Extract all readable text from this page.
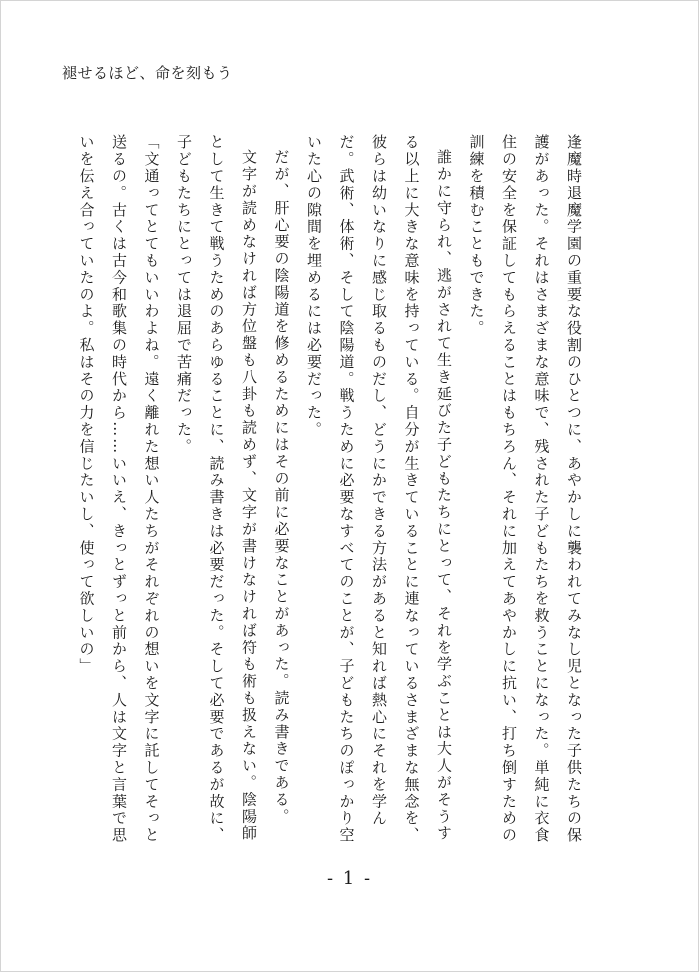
褪せるほど、命を刻もう

逢魔時退魔学園の重要な役割のひとつに、あやかしに襲われてみなし児となった子供たちの保護があった。それはさまざまな意味で、残された子どもたちを救うことになった。単純に衣食住の安全を保証してもらえることはもちろん、それに加えてあやかしに抗い、打ち倒すための訓練を積むこともできた。

誰かに守られ、逃がされて生き延びた子どもたちにとって、それを学ぶことは大人がそうする以上に大きな意味を持っている。自分が生きていることに連なっているさまざまな無念を、彼らは幼いなりに感じ取るものだし、どうにかできる方法があると知れば熱心にそれを学んだ。武術、体術、そして陰陽道。戦うために必要なすべてのことが、子どもたちのぽっかり空いた心の隙間を埋めるには必要だった。

だが、肝心要の陰陽道を修めるためにはその前に必要なことがあった。読み書きである。

文字が読めなければ方位盤も八卦も読めず、文字が書けなければ符も術も扱えない。陰陽師として生きて戦うためのあらゆることに、読み書きは必要だった。そして必要であるが故に、子どもたちにとっては退屈で苦痛だった。

「文通ってとてもいいわよね。遠く離れた想い人たちがそれぞれの想いを文字に託してそっと送るの。古くは古今和歌集の時代から……いいえ、きっとずっと前から、人は文字と言葉で思いを伝え合っていたのよ。私はその力を信じたいし、使って欲しいの」

- 1 -
